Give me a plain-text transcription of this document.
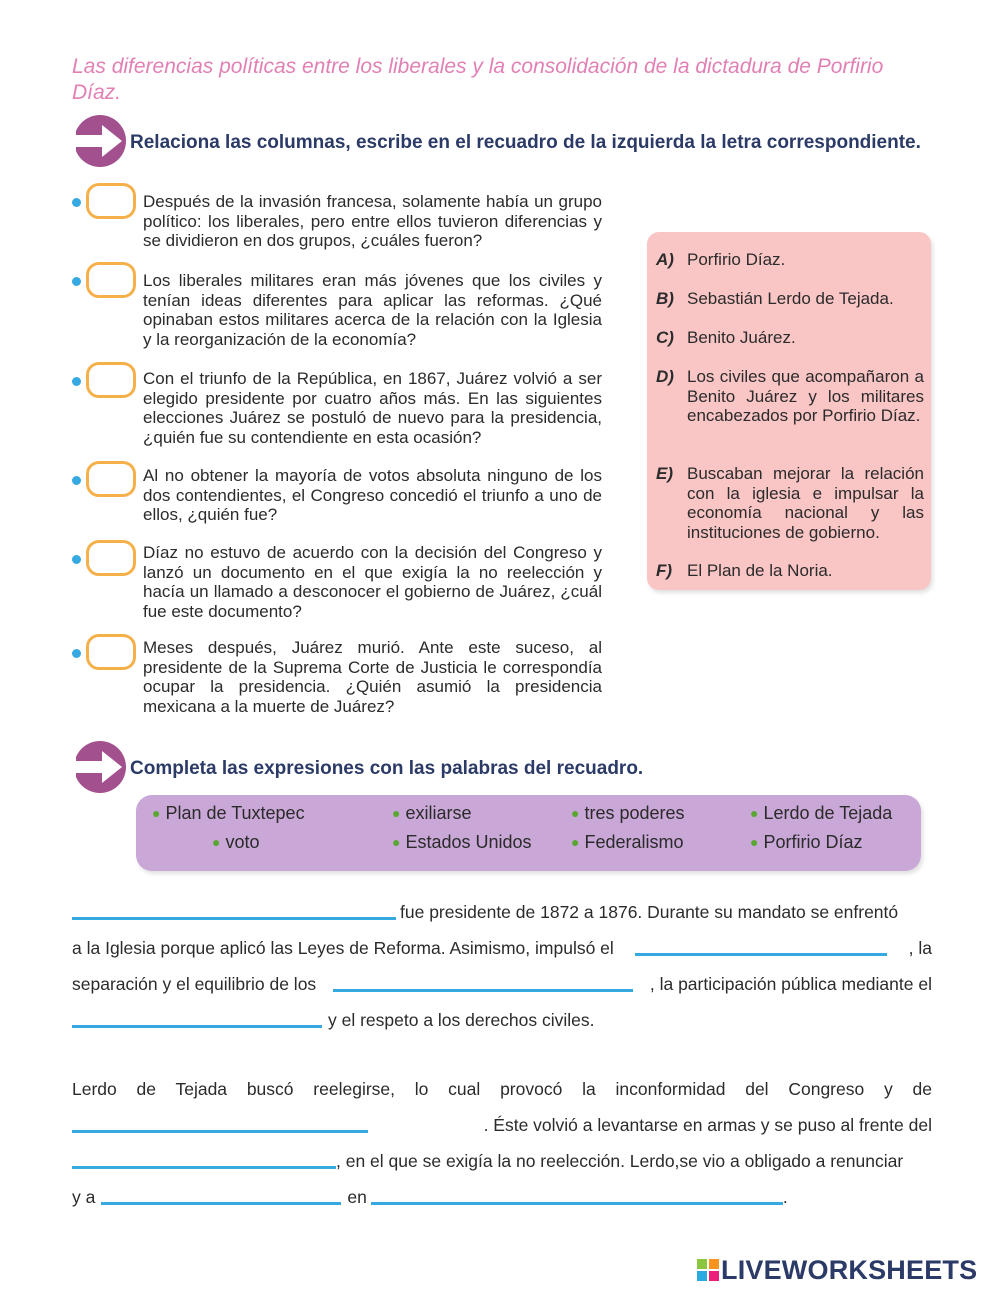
Las diferencias políticas entre los liberales y la consolidación de la dictadura de Porfirio Díaz.
Relaciona las columnas, escribe en el recuadro de la izquierda la letra correspondiente.
Después de la invasión francesa, solamente había un grupo político: los liberales, pero entre ellos tuvieron diferencias y se dividieron en dos grupos, ¿cuáles fueron?
Los liberales militares eran más jóvenes que los civiles y tenían ideas diferentes para aplicar las reformas. ¿Qué opinaban estos militares acerca de la relación con la Iglesia y la reorganización de la economía?
Con el triunfo de la República, en 1867, Juárez volvió a ser elegido presidente por cuatro años más. En las siguientes elecciones Juárez se postuló de nuevo para la presidencia, ¿quién fue su contendiente en esta ocasión?
Al no obtener la mayoría de votos absoluta ninguno de los dos contendientes, el Congreso concedió el triunfo a uno de ellos, ¿quién fue?
Díaz no estuvo de acuerdo con la decisión del Congreso y lanzó un documento en el que exigía la no reelección y hacía un llamado a desconocer el gobierno de Juárez, ¿cuál fue este documento?
Meses después, Juárez murió. Ante este suceso, al presidente de la Suprema Corte de Justicia le correspondía ocupar la presidencia. ¿Quién asumió la presidencia mexicana a la muerte de Juárez?
A) Porfirio Díaz.
B) Sebastián Lerdo de Tejada.
C) Benito Juárez.
D) Los civiles que acompañaron a Benito Juárez y los militares encabezados por Porfirio Díaz.
E) Buscaban mejorar la relación con la iglesia e impulsar la economía nacional y las instituciones de gobierno.
F) El Plan de la Noria.
Completa las expresiones con las palabras del recuadro.
● Plan de Tuxtepec	● exiliarse	● tres poderes	● Lerdo de Tejada
● voto	● Estados Unidos	● Federalismo	● Porfirio Díaz
fue presidente de 1872 a 1876. Durante su mandato se enfrentó
a la Iglesia porque aplicó las Leyes de Reforma. Asimismo, impulsó el	, la
separación y el equilibrio de los	, la participación pública mediante el
y el respeto a los derechos civiles.
Lerdo de Tejada buscó reelegirse, lo cual provocó la inconformidad del Congreso y de
. Éste volvió a levantarse en armas y se puso al frente del
, en el que se exigía la no reelección. Lerdo,se vio a obligado a renunciar
y a	en	.
LIVEWORKSHEETS
